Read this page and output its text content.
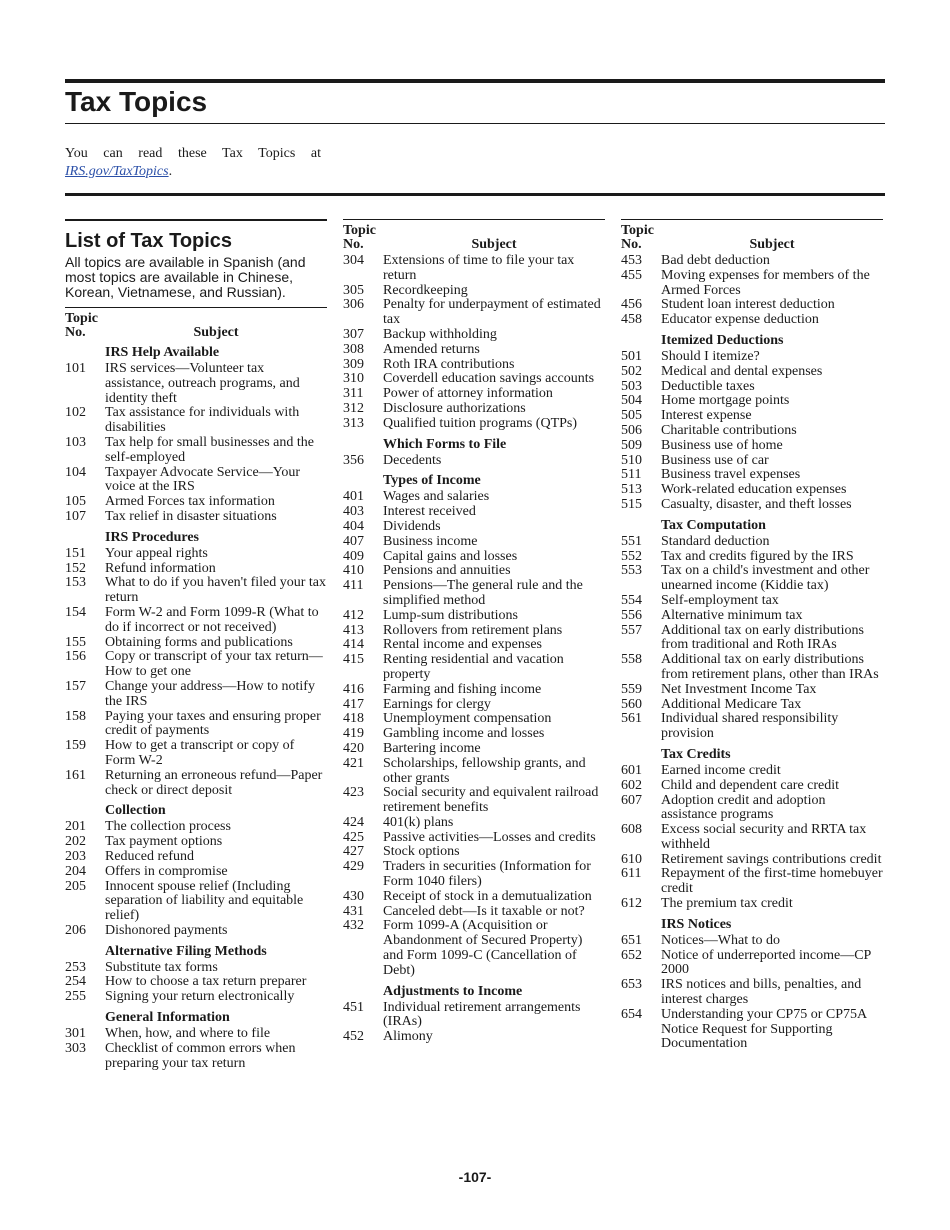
Tax Topics
You can read these Tax Topics at
IRS.gov/TaxTopics.
List of Tax Topics
All topics are available in Spanish (and most topics are available in Chinese, Korean, Vietnamese, and Russian).
Topic
No.	Subject
IRS Help Available
101	IRS services—Volunteer tax assistance, outreach programs, and identity theft
102	Tax assistance for individuals with disabilities
103	Tax help for small businesses and the self-employed
104	Taxpayer Advocate Service—Your voice at the IRS
105	Armed Forces tax information
107	Tax relief in disaster situations
IRS Procedures
151	Your appeal rights
152	Refund information
153	What to do if you haven't filed your tax return
154	Form W-2 and Form 1099-R (What to do if incorrect or not received)
155	Obtaining forms and publications
156	Copy or transcript of your tax return—How to get one
157	Change your address—How to notify the IRS
158	Paying your taxes and ensuring proper credit of payments
159	How to get a transcript or copy of Form W-2
161	Returning an erroneous refund—Paper check or direct deposit
Collection
201	The collection process
202	Tax payment options
203	Reduced refund
204	Offers in compromise
205	Innocent spouse relief (Including separation of liability and equitable relief)
206	Dishonored payments
Alternative Filing Methods
253	Substitute tax forms
254	How to choose a tax return preparer
255	Signing your return electronically
General Information
301	When, how, and where to file
303	Checklist of common errors when preparing your tax return
Topic
No.	Subject
304	Extensions of time to file your tax return
305	Recordkeeping
306	Penalty for underpayment of estimated tax
307	Backup withholding
308	Amended returns
309	Roth IRA contributions
310	Coverdell education savings accounts
311	Power of attorney information
312	Disclosure authorizations
313	Qualified tuition programs (QTPs)
Which Forms to File
356	Decedents
Types of Income
401	Wages and salaries
403	Interest received
404	Dividends
407	Business income
409	Capital gains and losses
410	Pensions and annuities
411	Pensions—The general rule and the simplified method
412	Lump-sum distributions
413	Rollovers from retirement plans
414	Rental income and expenses
415	Renting residential and vacation property
416	Farming and fishing income
417	Earnings for clergy
418	Unemployment compensation
419	Gambling income and losses
420	Bartering income
421	Scholarships, fellowship grants, and other grants
423	Social security and equivalent railroad retirement benefits
424	401(k) plans
425	Passive activities—Losses and credits
427	Stock options
429	Traders in securities (Information for Form 1040 filers)
430	Receipt of stock in a demutualization
431	Canceled debt—Is it taxable or not?
432	Form 1099-A (Acquisition or Abandonment of Secured Property) and Form 1099-C (Cancellation of Debt)
Adjustments to Income
451	Individual retirement arrangements (IRAs)
452	Alimony
Topic
No.	Subject
453	Bad debt deduction
455	Moving expenses for members of the Armed Forces
456	Student loan interest deduction
458	Educator expense deduction
Itemized Deductions
501	Should I itemize?
502	Medical and dental expenses
503	Deductible taxes
504	Home mortgage points
505	Interest expense
506	Charitable contributions
509	Business use of home
510	Business use of car
511	Business travel expenses
513	Work-related education expenses
515	Casualty, disaster, and theft losses
Tax Computation
551	Standard deduction
552	Tax and credits figured by the IRS
553	Tax on a child's investment and other unearned income (Kiddie tax)
554	Self-employment tax
556	Alternative minimum tax
557	Additional tax on early distributions from traditional and Roth IRAs
558	Additional tax on early distributions from retirement plans, other than IRAs
559	Net Investment Income Tax
560	Additional Medicare Tax
561	Individual shared responsibility provision
Tax Credits
601	Earned income credit
602	Child and dependent care credit
607	Adoption credit and adoption assistance programs
608	Excess social security and RRTA tax withheld
610	Retirement savings contributions credit
611	Repayment of the first-time homebuyer credit
612	The premium tax credit
IRS Notices
651	Notices—What to do
652	Notice of underreported income—CP 2000
653	IRS notices and bills, penalties, and interest charges
654	Understanding your CP75 or CP75A Notice Request for Supporting Documentation
-107-
